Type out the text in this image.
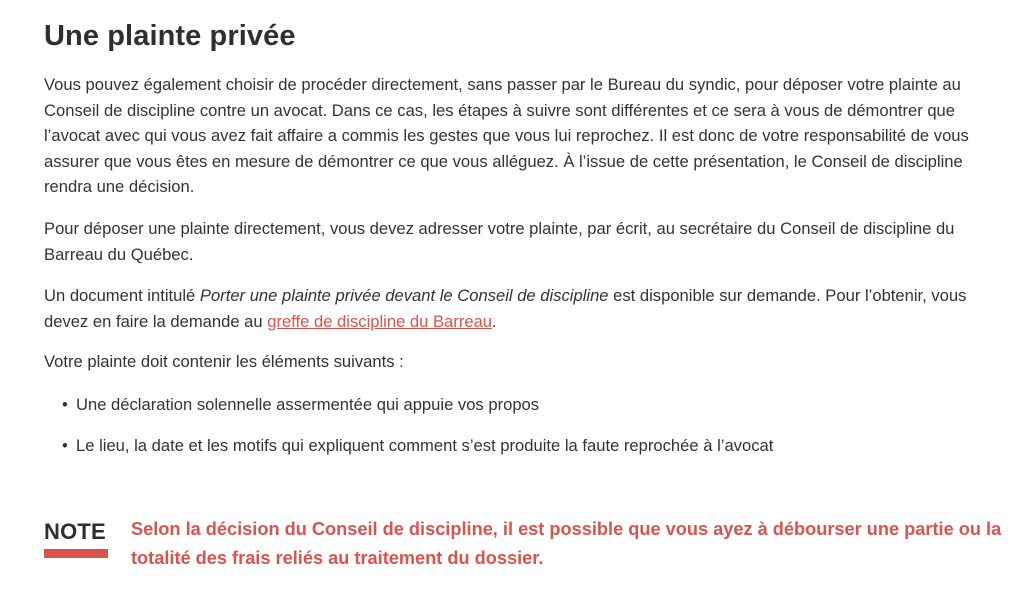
Une plainte privée

Vous pouvez également choisir de procéder directement, sans passer par le Bureau du syndic, pour déposer votre plainte au Conseil de discipline contre un avocat. Dans ce cas, les étapes à suivre sont différentes et ce sera à vous de démontrer que l’avocat avec qui vous avez fait affaire a commis les gestes que vous lui reprochez. Il est donc de votre responsabilité de vous assurer que vous êtes en mesure de démontrer ce que vous alléguez. À l’issue de cette présentation, le Conseil de discipline rendra une décision.

Pour déposer une plainte directement, vous devez adresser votre plainte, par écrit, au secrétaire du Conseil de discipline du Barreau du Québec.

Un document intitulé Porter une plainte privée devant le Conseil de discipline est disponible sur demande. Pour l’obtenir, vous devez en faire la demande au greffe de discipline du Barreau.

Votre plainte doit contenir les éléments suivants :

• Une déclaration solennelle assermentée qui appuie vos propos
• Le lieu, la date et les motifs qui expliquent comment s’est produite la faute reprochée à l’avocat
NOTE Selon la décision du Conseil de discipline, il est possible que vous ayez à débourser une partie ou la totalité des frais reliés au traitement du dossier.
